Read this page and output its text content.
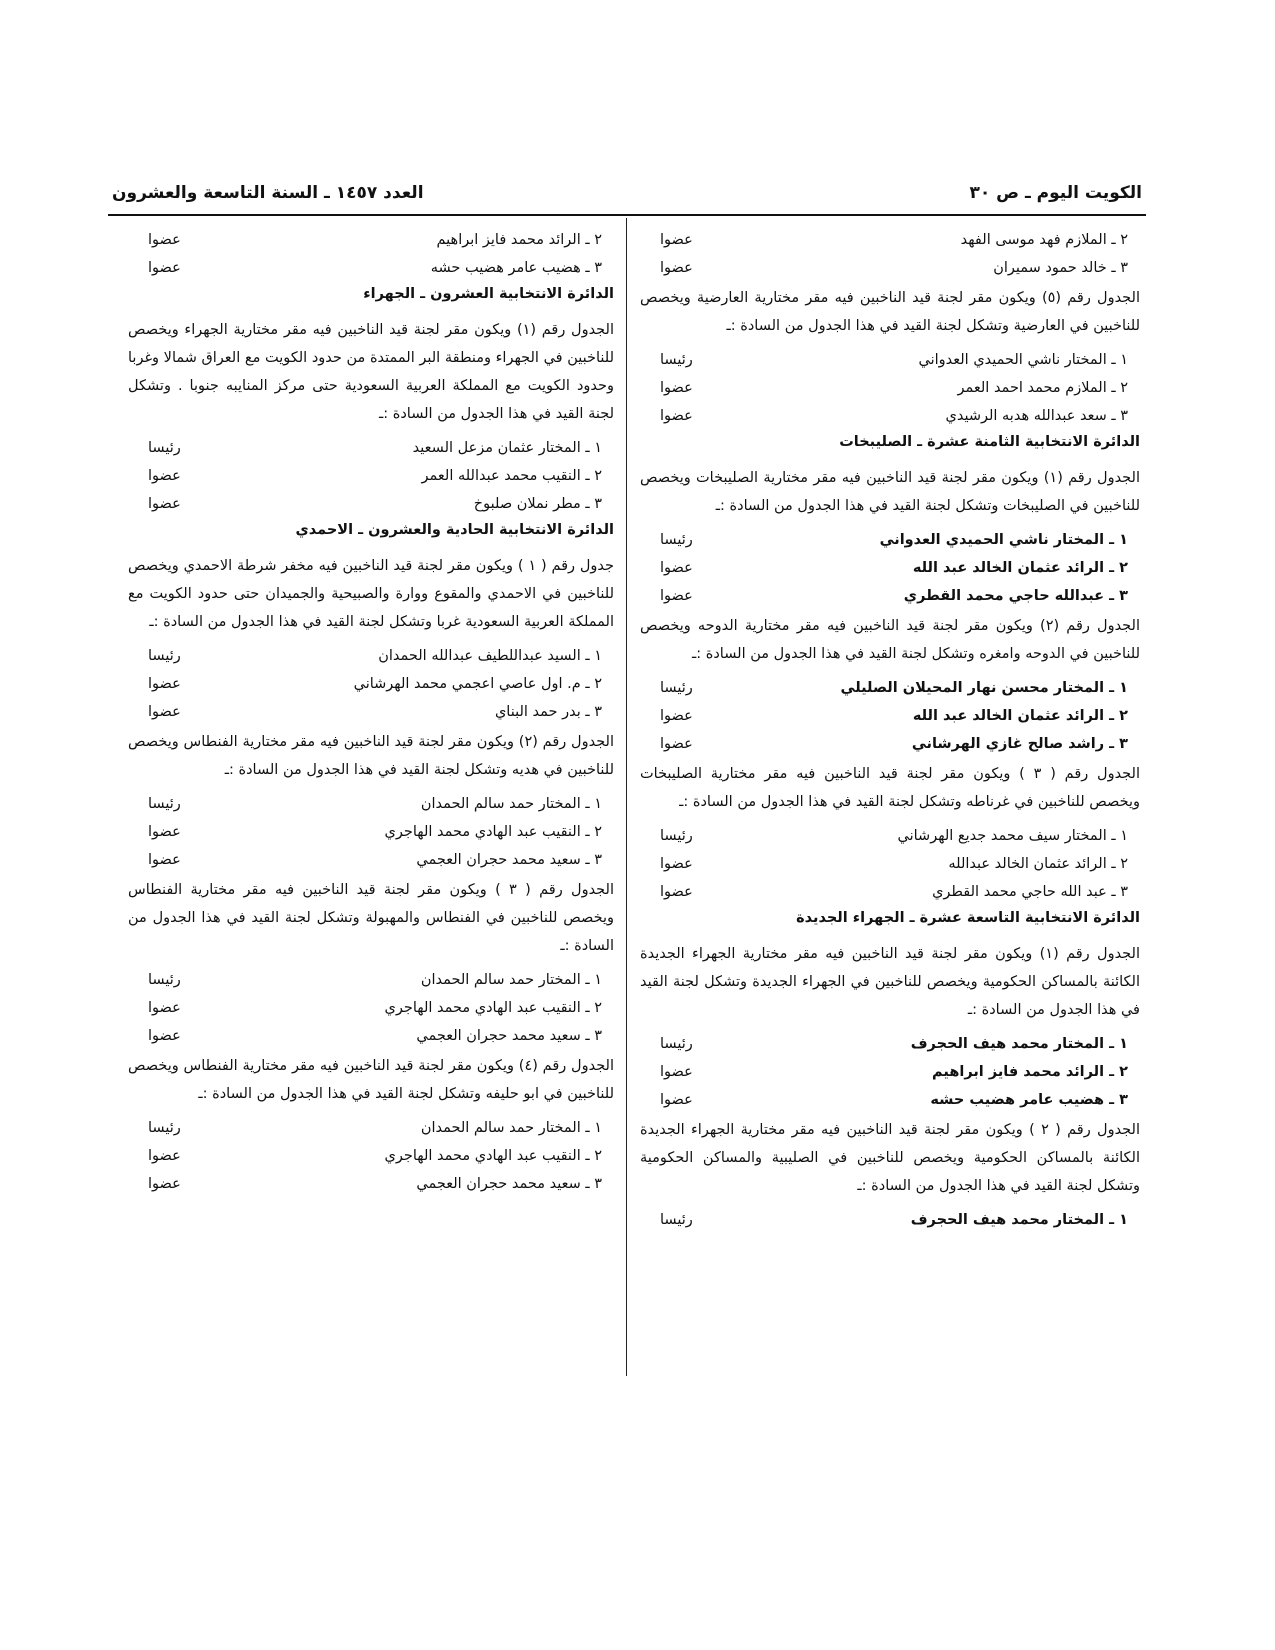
الكويت اليوم ـ ص ٣٠
العدد ١٤٥٧ ـ السنة التاسعة والعشرون
٢ ـ الملازم فهد موسى الفهد
عضوا
٣ ـ خالد حمود سميران
عضوا

الجدول رقم (٥) ويكون مقر لجنة قيد الناخبين فيه مقر مختارية العارضية ويخصص للناخبين في العارضية وتشكل لجنة القيد في هذا الجدول من السادة :ـ

١ ـ المختار ناشي الحميدي العدواني
رئيسا
٢ ـ الملازم محمد احمد العمر
عضوا
٣ ـ سعد عبدالله هدبه الرشيدي
عضوا
الدائرة الانتخابية الثامنة عشرة ـ الصليبخات

الجدول رقم (١) ويكون مقر لجنة قيد الناخبين فيه مقر مختارية الصليبخات ويخصص للناخبين في الصليبخات وتشكل لجنة القيد في هذا الجدول من السادة :ـ

١ ـ المختار ناشي الحميدي العدواني
رئيسا
٢ ـ الرائد عثمان الخالد عبد الله
عضوا
٣ ـ عبدالله حاجي محمد القطري
عضوا

الجدول رقم (٢) ويكون مقر لجنة قيد الناخبين فيه مقر مختارية الدوحه ويخصص للناخبين في الدوحه وامغره وتشكل لجنة القيد في هذا الجدول من السادة :ـ

١ ـ المختار محسن نهار المحيلان الصليلي
رئيسا
٢ ـ الرائد عثمان الخالد عبد الله
عضوا
٣ ـ راشد صالح غازي الهرشاني
عضوا

الجدول رقم ( ٣ ) ويكون مقر لجنة قيد الناخبين فيه مقر مختارية الصليبخات ويخصص للناخبين في غرناطه وتشكل لجنة القيد في هذا الجدول من السادة :ـ

١ ـ المختار سيف محمد جديع الهرشاني
رئيسا
٢ ـ الرائد عثمان الخالد عبدالله
عضوا
٣ ـ عبد الله حاجي محمد القطري
عضوا
الدائرة الانتخابية التاسعة عشرة ـ الجهراء الجديدة

الجدول رقم (١) ويكون مقر لجنة قيد الناخبين فيه مقر مختارية الجهراء الجديدة الكائنة بالمساكن الحكومية ويخصص للناخبين في الجهراء الجديدة وتشكل لجنة القيد في هذا الجدول من السادة :ـ

١ ـ المختار محمد هيف الحجرف
رئيسا
٢ ـ الرائد محمد فايز ابراهيم
عضوا
٣ ـ هضيب عامر هضيب حشه
عضوا

الجدول رقم ( ٢ ) ويكون مقر لجنة قيد الناخبين فيه مقر مختارية الجهراء الجديدة الكائنة بالمساكن الحكومية ويخصص للناخبين في الصليبية والمساكن الحكومية وتشكل لجنة القيد في هذا الجدول من السادة :ـ

١ ـ المختار محمد هيف الحجرف
رئيسا
٢ ـ الرائد محمد فايز ابراهيم
عضوا
٣ ـ هضيب عامر هضيب حشه
عضوا
الدائرة الانتخابية العشرون ـ الجهراء

الجدول رقم (١) ويكون مقر لجنة قيد الناخبين فيه مقر مختارية الجهراء ويخصص للناخبين في الجهراء ومنطقة البر الممتدة من حدود الكويت مع العراق شمالا وغربا وحدود الكويت مع المملكة العربية السعودية حتى مركز المنايبه جنوبا . وتشكل لجنة القيد في هذا الجدول من السادة :ـ

١ ـ المختار عثمان مزعل السعيد
رئيسا
٢ ـ النقيب محمد عبدالله العمر
عضوا
٣ ـ مطر نملان صلبوخ
عضوا
الدائرة الانتخابية الحادية والعشرون ـ الاحمدي

جدول رقم ( ١ ) ويكون مقر لجنة قيد الناخبين فيه مخفر شرطة الاحمدي ويخصص للناخبين في الاحمدي والمقوع ووارة والصبيحية والجميدان حتى حدود الكويت مع المملكة العربية السعودية غربا وتشكل لجنة القيد في هذا الجدول من السادة :ـ

١ ـ السيد عبداللطيف عبدالله الحمدان
رئيسا
٢ ـ م. اول عاصي اعجمي محمد الهرشاني
عضوا
٣ ـ بدر حمد البناي
عضوا

الجدول رقم (٢) ويكون مقر لجنة قيد الناخبين فيه مقر مختارية الفنطاس ويخصص للناخبين في هديه وتشكل لجنة القيد في هذا الجدول من السادة :ـ

١ ـ المختار حمد سالم الحمدان
رئيسا
٢ ـ النقيب عبد الهادي محمد الهاجري
عضوا
٣ ـ سعيد محمد حجران العجمي
عضوا

الجدول رقم ( ٣ ) ويكون مقر لجنة قيد الناخبين فيه مقر مختارية الفنطاس ويخصص للناخبين في الفنطاس والمهبولة وتشكل لجنة القيد في هذا الجدول من السادة :ـ

١ ـ المختار حمد سالم الحمدان
رئيسا
٢ ـ النقيب عبد الهادي محمد الهاجري
عضوا
٣ ـ سعيد محمد حجران العجمي
عضوا

الجدول رقم (٤) ويكون مقر لجنة قيد الناخبين فيه مقر مختارية الفنطاس ويخصص للناخبين في ابو حليفه وتشكل لجنة القيد في هذا الجدول من السادة :ـ

١ ـ المختار حمد سالم الحمدان
رئيسا
٢ ـ النقيب عبد الهادي محمد الهاجري
عضوا
٣ ـ سعيد محمد حجران العجمي
عضوا
